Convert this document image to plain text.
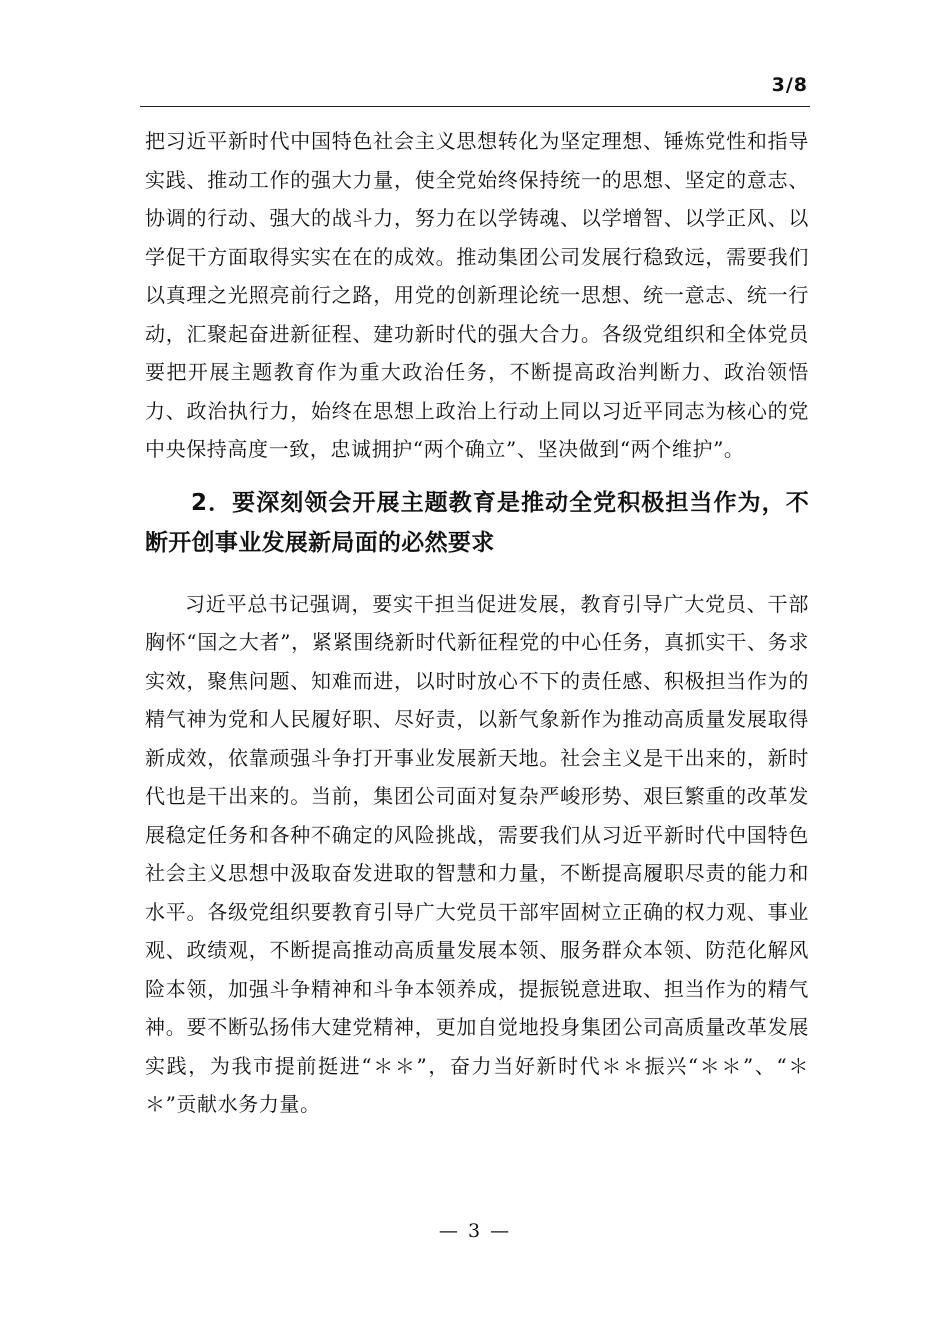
3/8

把习近平新时代中国特色社会主义思想转化为坚定理想、锤炼党性和指导实践、推动工作的强大力量，使全党始终保持统一的思想、坚定的意志、协调的行动、强大的战斗力，努力在以学铸魂、以学增智、以学正风、以学促干方面取得实实在在的成效。推动集团公司发展行稳致远，需要我们以真理之光照亮前行之路，用党的创新理论统一思想、统一意志、统一行动，汇聚起奋进新征程、建功新时代的强大合力。各级党组织和全体党员要把开展主题教育作为重大政治任务，不断提高政治判断力、政治领悟力、政治执行力，始终在思想上政治上行动上同以习近平同志为核心的党中央保持高度一致，忠诚拥护“两个确立”、坚决做到“两个维护”。

2．要深刻领会开展主题教育是推动全党积极担当作为，不断开创事业发展新局面的必然要求

习近平总书记强调，要实干担当促进发展，教育引导广大党员、干部胸怀“国之大者”，紧紧围绕新时代新征程党的中心任务，真抓实干、务求实效，聚焦问题、知难而进，以时时放心不下的责任感、积极担当作为的精气神为党和人民履好职、尽好责，以新气象新作为推动高质量发展取得新成效，依靠顽强斗争打开事业发展新天地。社会主义是干出来的，新时代也是干出来的。当前，集团公司面对复杂严峻形势、艰巨繁重的改革发展稳定任务和各种不确定的风险挑战，需要我们从习近平新时代中国特色社会主义思想中汲取奋发进取的智慧和力量，不断提高履职尽责的能力和水平。各级党组织要教育引导广大党员干部牢固树立正确的权力观、事业观、政绩观，不断提高推动高质量发展本领、服务群众本领、防范化解风险本领，加强斗争精神和斗争本领养成，提振锐意进取、担当作为的精气神。要不断弘扬伟大建党精神，更加自觉地投身集团公司高质量改革发展实践，为我市提前挺进“＊＊”，奋力当好新时代＊＊振兴“＊＊”、“＊＊”贡献水务力量。

— 3 —
